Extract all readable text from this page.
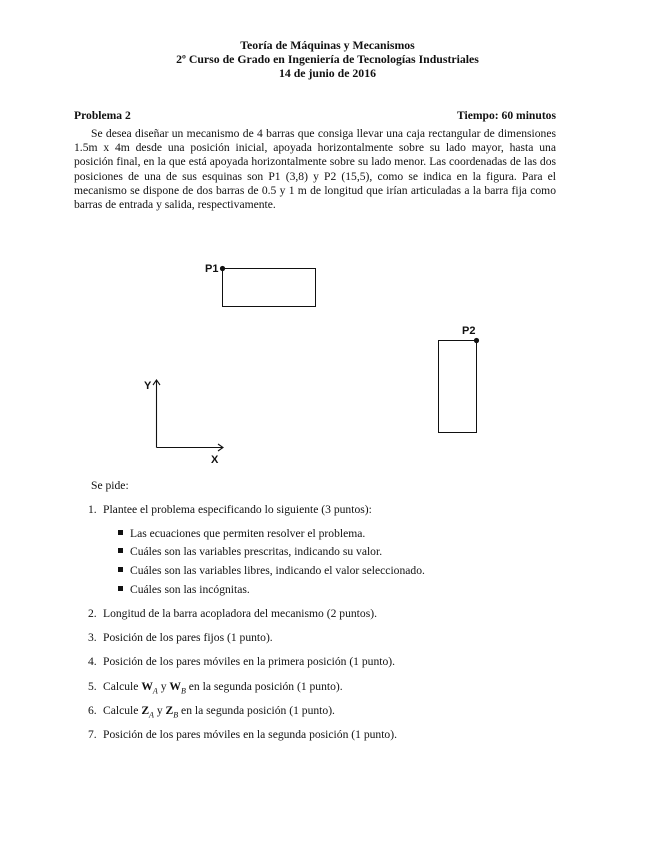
Teoría de Máquinas y Mecanismos
2º Curso de Grado en Ingeniería de Tecnologías Industriales
14 de junio de 2016
Problema 2	Tiempo: 60 minutos
Se desea diseñar un mecanismo de 4 barras que consiga llevar una caja rectangular de dimensiones 1.5m x 4m desde una posición inicial, apoyada horizontalmente sobre su lado mayor, hasta una posición final, en la que está apoyada horizontalmente sobre su lado menor. Las coordenadas de las dos posiciones de una de sus esquinas son P1 (3,8) y P2 (15,5), como se indica en la figura. Para el mecanismo se dispone de dos barras de 0.5 y 1 m de longitud que irían articuladas a la barra fija como barras de entrada y salida, respectivamente.
P1
P2
Y
X
Se pide:
1. Plantee el problema especificando lo siguiente (3 puntos):
Las ecuaciones que permiten resolver el problema.
Cuáles son las variables prescritas, indicando su valor.
Cuáles son las variables libres, indicando el valor seleccionado.
Cuáles son las incógnitas.
2. Longitud de la barra acopladora del mecanismo (2 puntos).
3. Posición de los pares fijos (1 punto).
4. Posición de los pares móviles en la primera posición (1 punto).
5. Calcule $W_A$ y $W_B$ en la segunda posición (1 punto).
6. Calcule $Z_A$ y $Z_B$ en la segunda posición (1 punto).
7. Posición de los pares móviles en la segunda posición (1 punto).
